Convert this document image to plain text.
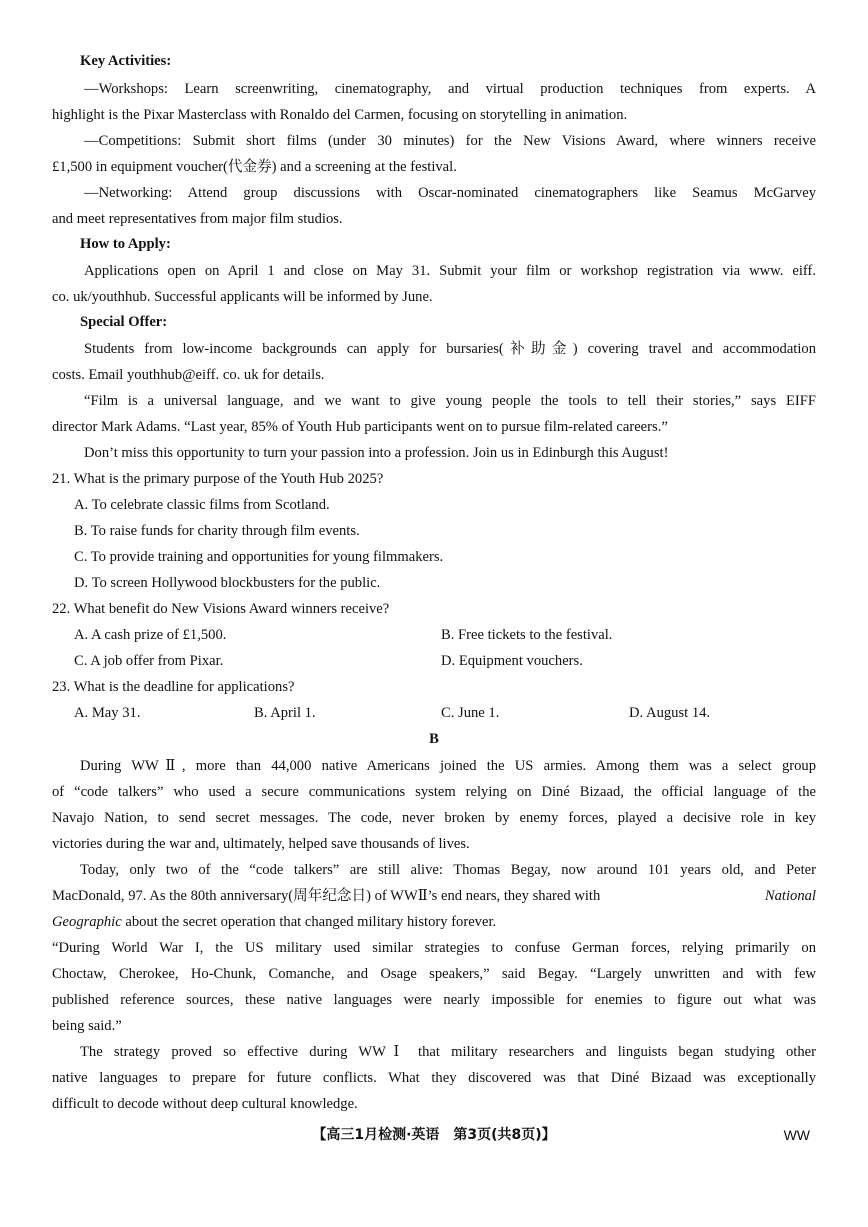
Key Activities:
—Workshops: Learn screenwriting, cinematography, and virtual production techniques from experts. A
highlight is the Pixar Masterclass with Ronaldo del Carmen, focusing on storytelling in animation.
—Competitions: Submit short films (under 30 minutes) for the New Visions Award, where winners receive
£1,500 in equipment voucher(代金券) and a screening at the festival.
—Networking: Attend group discussions with Oscar-nominated cinematographers like Seamus McGarvey
and meet representatives from major film studios.
How to Apply:
Applications open on April 1 and close on May 31. Submit your film or workshop registration via www. eiff.
co. uk/youthhub. Successful applicants will be informed by June.
Special Offer:
Students from low-income backgrounds can apply for bursaries(补助金) covering travel and accommodation
costs. Email youthhub@eiff. co. uk for details.
“Film is a universal language, and we want to give young people the tools to tell their stories,” says EIFF
director Mark Adams. “Last year, 85% of Youth Hub participants went on to pursue film-related careers.”
Don’t miss this opportunity to turn your passion into a profession. Join us in Edinburgh this August!
21. What is the primary purpose of the Youth Hub 2025?
A. To celebrate classic films from Scotland.
B. To raise funds for charity through film events.
C. To provide training and opportunities for young filmmakers.
D. To screen Hollywood blockbusters for the public.
22. What benefit do New Visions Award winners receive?
A. A cash prize of £1,500.	B. Free tickets to the festival.
C. A job offer from Pixar.	D. Equipment vouchers.
23. What is the deadline for applications?
A. May 31.	B. April 1.	C. June 1.	D. August 14.
B
During WWⅡ, more than 44,000 native Americans joined the US armies. Among them was a select group
of “code talkers” who used a secure communications system relying on Diné Bizaad, the official language of the
Navajo Nation, to send secret messages. The code, never broken by enemy forces, played a decisive role in key
victories during the war and, ultimately, helped save thousands of lives.
Today, only two of the “code talkers” are still alive: Thomas Begay, now around 101 years old, and Peter
MacDonald, 97. As the 80th anniversary(周年纪念日) of WWⅡ’s end nears, they shared with	National
Geographic about the secret operation that changed military history forever.
“During World War I, the US military used similar strategies to confuse German forces, relying primarily on
Choctaw, Cherokee, Ho-Chunk, Comanche, and Osage speakers,” said Begay. “Largely unwritten and with few
published reference sources, these native languages were nearly impossible for enemies to figure out what was
being said.”
The strategy proved so effective during WWⅠ that military researchers and linguists began studying other
native languages to prepare for future conflicts. What they discovered was that Diné Bizaad was exceptionally
difficult to decode without deep cultural knowledge.
【高三1月检测·英语　第3页(共8页)】	WW
